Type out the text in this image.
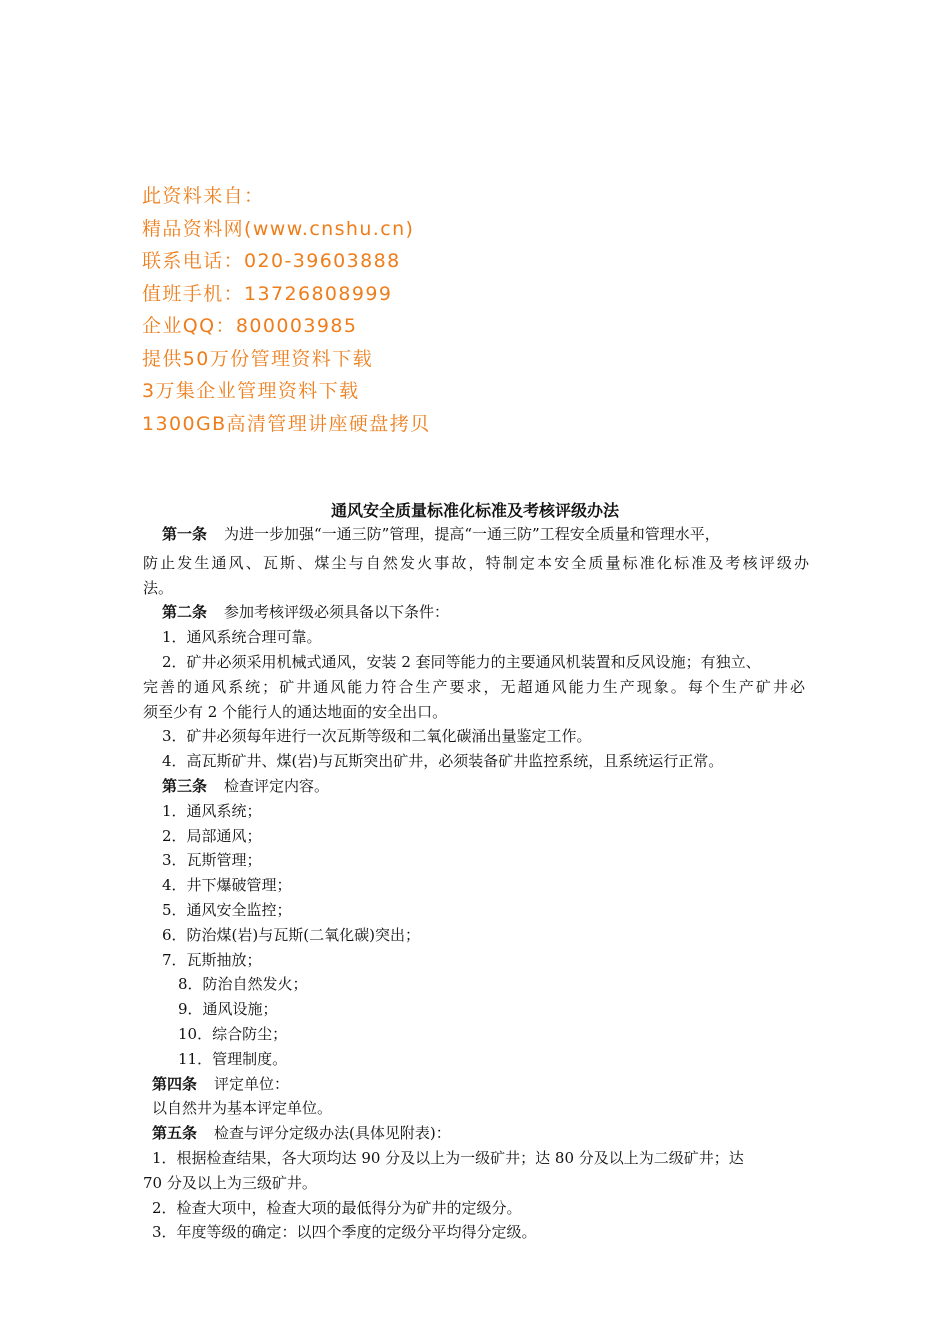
此资料来自：
精品资料网(www.cnshu.cn)
联系电话：020-39603888
值班手机：13726808999
企业QQ：800003985
提供50万份管理资料下载
3万集企业管理资料下载
1300GB高清管理讲座硬盘拷贝
通风安全质量标准化标准及考核评级办法
第一条 为进一步加强“一通三防”管理，提高“一通三防”工程安全质量和管理水平，
防止发生通风、瓦斯、煤尘与自然发火事故，特制定本安全质量标准化标准及考核评级办
法。
第二条 参加考核评级必须具备以下条件：
1．通风系统合理可靠。
2．矿井必须采用机械式通风，安装 2 套同等能力的主要通风机装置和反风设施；有独立、
完善的通风系统；矿井通风能力符合生产要求，无超通风能力生产现象。每个生产矿井必
须至少有 2 个能行人的通达地面的安全出口。
3．矿井必须每年进行一次瓦斯等级和二氧化碳涌出量鉴定工作。
4．高瓦斯矿井、煤(岩)与瓦斯突出矿井，必须装备矿井监控系统，且系统运行正常。
第三条 检查评定内容。
1．通风系统；
2．局部通风；
3．瓦斯管理；
4．井下爆破管理；
5．通风安全监控；
6．防治煤(岩)与瓦斯(二氧化碳)突出；
7．瓦斯抽放；
8．防治自然发火；
9．通风设施；
10．综合防尘；
11．管理制度。
第四条 评定单位：
以自然井为基本评定单位。
第五条 检查与评分定级办法(具体见附表)：
1．根据检查结果，各大项均达 90 分及以上为一级矿井；达 80 分及以上为二级矿井；达
70 分及以上为三级矿井。
2．检查大项中，检查大项的最低得分为矿井的定级分。
3．年度等级的确定：以四个季度的定级分平均得分定级。
